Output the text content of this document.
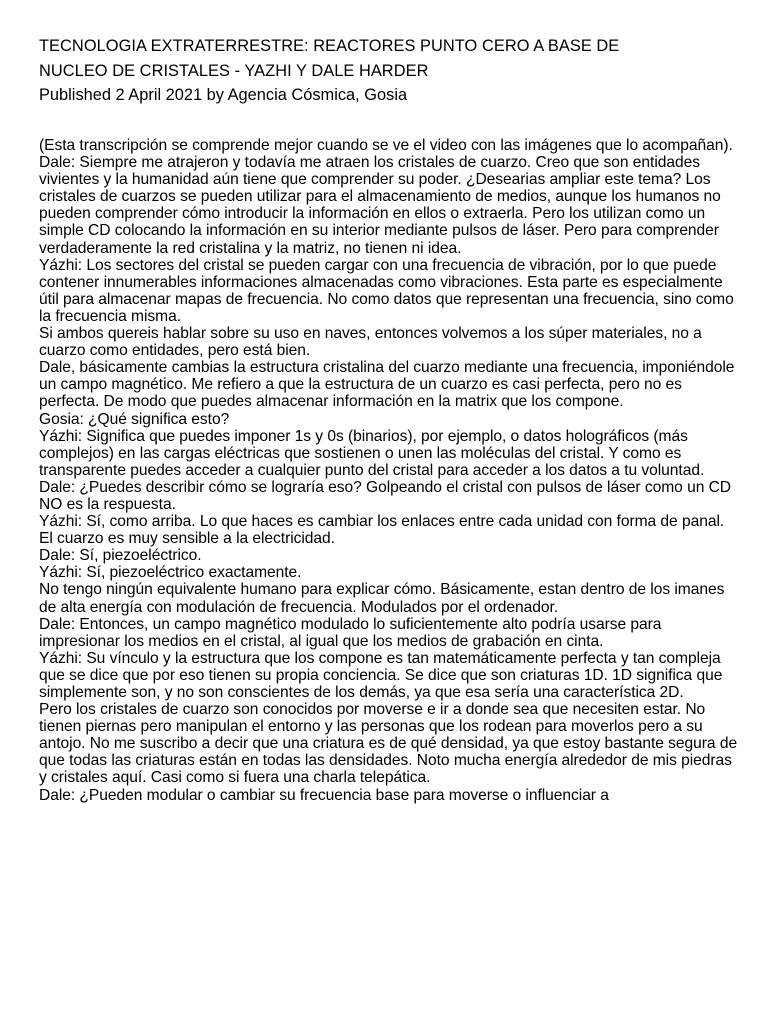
TECNOLOGIA EXTRATERRESTRE: REACTORES PUNTO CERO A BASE DE
NUCLEO DE CRISTALES - YAZHI Y DALE HARDER

Published 2 April 2021 by Agencia Cósmica, Gosia

(Esta transcripción se comprende mejor cuando se ve el video con las imágenes que lo acompañan).

Dale: Siempre me atrajeron y todavía me atraen los cristales de cuarzo. Creo que son entidades vivientes y la humanidad aún tiene que comprender su poder. ¿Desearias ampliar este tema? Los cristales de cuarzos se pueden utilizar para el almacenamiento de medios, aunque los humanos no pueden comprender cómo introducir la información en ellos o extraerla. Pero los utilizan como un simple CD colocando la información en su interior mediante pulsos de láser. Pero para comprender verdaderamente la red cristalina y la matriz, no tienen ni idea.

Yázhi: Los sectores del cristal se pueden cargar con una frecuencia de vibración, por lo que puede contener innumerables informaciones almacenadas como vibraciones. Esta parte es especialmente útil para almacenar mapas de frecuencia. No como datos que representan una frecuencia, sino como la frecuencia misma.

Si ambos quereis hablar sobre su uso en naves, entonces volvemos a los súper materiales, no a cuarzo como entidades, pero está bien.

Dale, básicamente cambias la estructura cristalina del cuarzo mediante una frecuencia, imponiéndole un campo magnético. Me refiero a que la estructura de un cuarzo es casi perfecta, pero no es perfecta. De modo que puedes almacenar información en la matrix que los compone.

Gosia: ¿Qué significa esto?

Yázhi: Significa que puedes imponer 1s y 0s (binarios), por ejemplo, o datos holográficos (más complejos) en las cargas eléctricas que sostienen o unen las moléculas del cristal. Y como es transparente puedes acceder a cualquier punto del cristal para acceder a los datos a tu voluntad.

Dale: ¿Puedes describir cómo se lograría eso? Golpeando el cristal con pulsos de láser como un CD NO es la respuesta.

Yázhi: Sí, como arriba. Lo que haces es cambiar los enlaces entre cada unidad con forma de panal. El cuarzo es muy sensible a la electricidad.

Dale: Sí, piezoeléctrico.

Yázhi: Sí, piezoeléctrico exactamente.

No tengo ningún equivalente humano para explicar cómo. Básicamente, estan dentro de los imanes de alta energía con modulación de frecuencia. Modulados por el ordenador.

Dale: Entonces, un campo magnético modulado lo suficientemente alto podría usarse para impresionar los medios en el cristal, al igual que los medios de grabación en cinta.

Yázhi: Su vínculo y la estructura que los compone es tan matemáticamente perfecta y tan compleja que se dice que por eso tienen su propia conciencia. Se dice que son criaturas 1D. 1D significa que simplemente son, y no son conscientes de los demás, ya que esa sería una característica 2D.

Pero los cristales de cuarzo son conocidos por moverse e ir a donde sea que necesiten estar. No tienen piernas pero manipulan el entorno y las personas que los rodean para moverlos pero a su antojo. No me suscribo a decir que una criatura es de qué densidad, ya que estoy bastante segura de que todas las criaturas están en todas las densidades. Noto mucha energía alrededor de mis piedras y cristales aquí. Casi como si fuera una charla telepática.

Dale: ¿Pueden modular o cambiar su frecuencia base para moverse o influenciar a
